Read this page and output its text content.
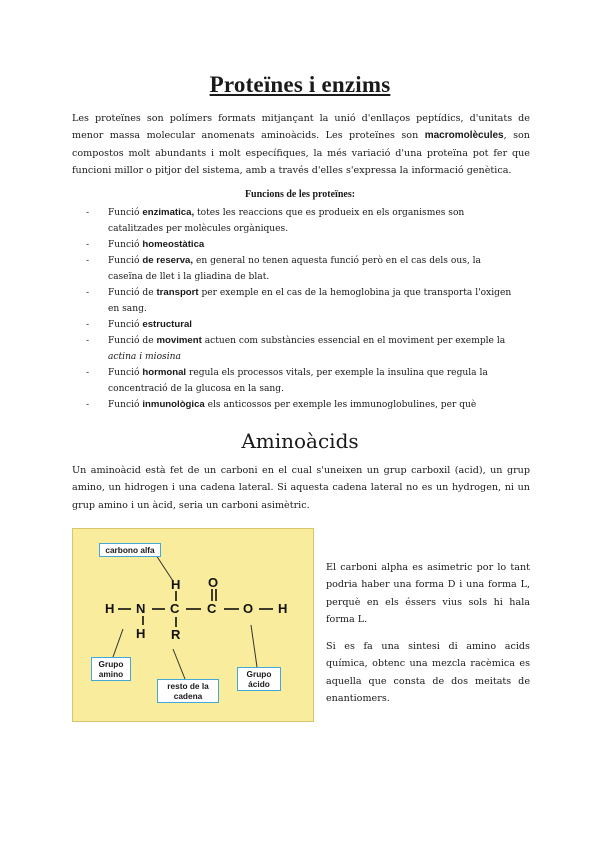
Proteïnes i enzims
Les proteïnes son polímers formats mitjançant la unió d'enllaços peptídics, d'unitats de menor massa molecular anomenats aminoàcids. Les proteïnes son macromolècules, son compostos molt abundants i molt específiques, la més variació d'una proteïna pot fer que funcioni millor o pitjor del sistema, amb a través d'elles s'expressa la informació genètica.
Funcions de les proteïnes:
- Funció enzimatica, totes les reaccions que es produeix en els organismes son catalitzades per molècules orgàniques.
- Funció homeostàtica
- Funció de reserva, en general no tenen aquesta funció però en el cas dels ous, la caseïna de llet i la gliadina de blat.
- Funció de transport per exemple en el cas de la hemoglobina ja que transporta l'oxigen en sang.
- Funció estructural
- Funció de moviment actuen com substàncies essencial en el moviment per exemple la actina i miosina
- Funció hormonal regula els processos vitals, per exemple la insulina que regula la concentració de la glucosa en la sang.
- Funció inmunològica els anticossos per exemple les immunoglobulines, per què
Aminoàcids
Un aminoàcid està fet de un carboni en el cual s'uneixen un grup carboxil (acid), un grup amino, un hidrogen i una cadena lateral. Si aquesta cadena lateral no es un hydrogen, ni un grup amino i un àcid, seria un carboni asimètric.
carbono alfa
Grupo amino
resto de la cadena
Grupo ácido
H N
H
H
C
R
O
C O H

El carboni alpha es asimetric por lo tant podria haber una forma D i una forma L, perquè en els éssers vius sols hi hala forma L.

Si es fa una sintesi di amino acids química, obtenc una mezcla racèmica es aquella que consta de dos meitats de enantiomers.
